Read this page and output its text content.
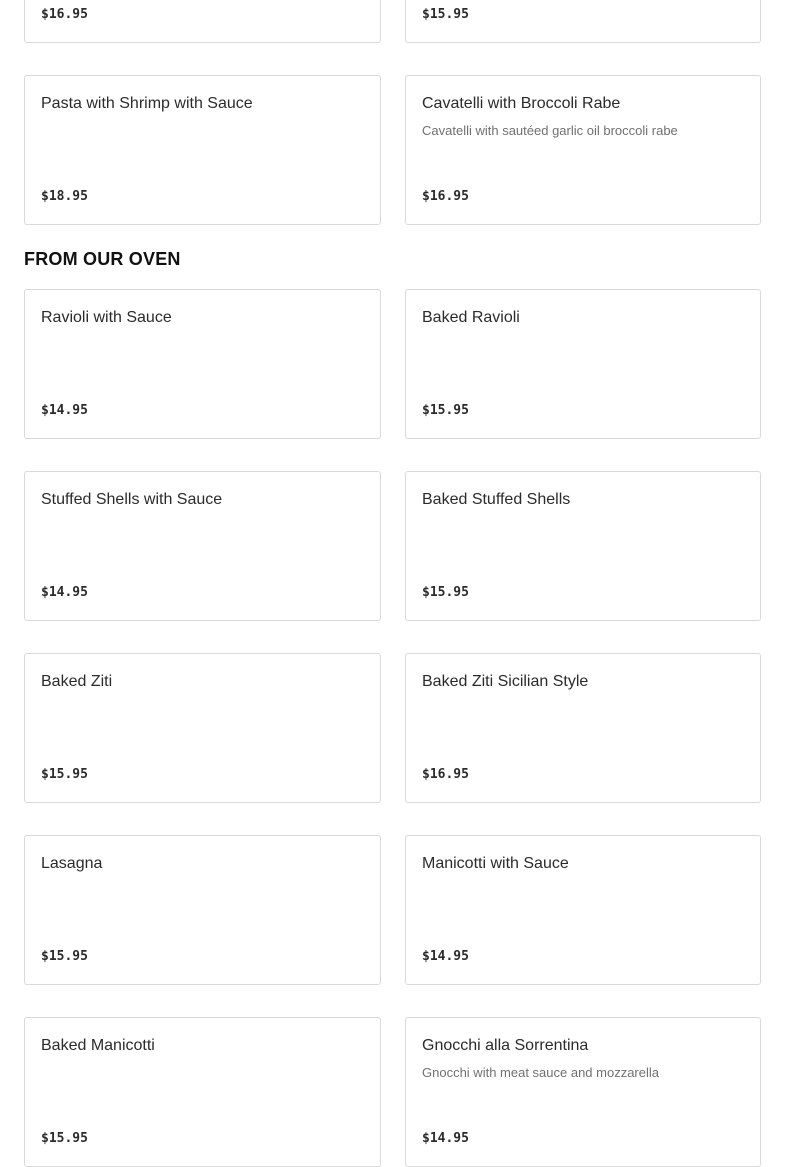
$16.95	$15.95
Pasta with Shrimp with Sauce
$18.95
Cavatelli with Broccoli Rabe
Cavatelli with sautéed garlic oil broccoli rabe
$16.95
FROM OUR OVEN
Ravioli with Sauce
$14.95
Baked Ravioli
$15.95
Stuffed Shells with Sauce
$14.95
Baked Stuffed Shells
$15.95
Baked Ziti
$15.95
Baked Ziti Sicilian Style
$16.95
Lasagna
$15.95
Manicotti with Sauce
$14.95
Baked Manicotti
$15.95
Gnocchi alla Sorrentina
Gnocchi with meat sauce and mozzarella
$14.95
